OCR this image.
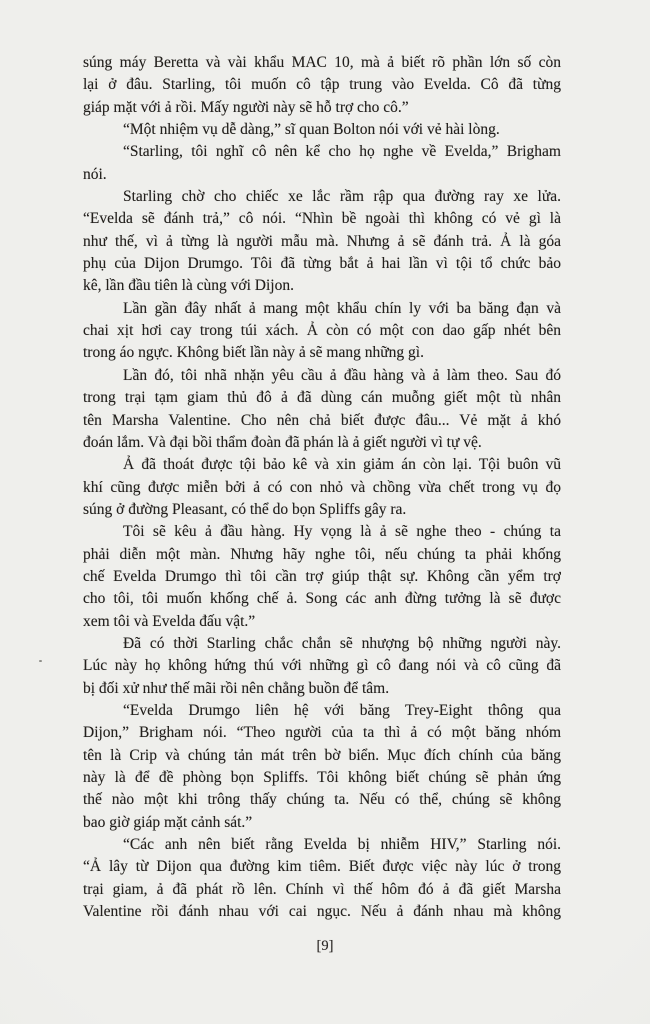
súng máy Beretta và vài khẩu MAC 10, mà ả biết rõ phần lớn số còn
lại ở đâu. Starling, tôi muốn cô tập trung vào Evelda. Cô đã từng
giáp mặt với ả rồi. Mấy người này sẽ hỗ trợ cho cô.”
“Một nhiệm vụ dễ dàng,” sĩ quan Bolton nói với vẻ hài lòng.
“Starling, tôi nghĩ cô nên kể cho họ nghe về Evelda,” Brigham
nói.
Starling chờ cho chiếc xe lắc rầm rập qua đường ray xe lửa.
“Evelda sẽ đánh trả,” cô nói. “Nhìn bề ngoài thì không có vẻ gì là
như thế, vì ả từng là người mẫu mà. Nhưng ả sẽ đánh trả. Ả là góa
phụ của Dijon Drumgo. Tôi đã từng bắt ả hai lần vì tội tổ chức bảo
kê, lần đầu tiên là cùng với Dijon.
Lần gần đây nhất ả mang một khẩu chín ly với ba băng đạn và
chai xịt hơi cay trong túi xách. Ả còn có một con dao gấp nhét bên
trong áo ngực. Không biết lần này ả sẽ mang những gì.
Lần đó, tôi nhã nhặn yêu cầu ả đầu hàng và ả làm theo. Sau đó
trong trại tạm giam thủ đô ả đã dùng cán muỗng giết một tù nhân
tên Marsha Valentine. Cho nên chả biết được đâu... Vẻ mặt ả khó
đoán lắm. Và đại bồi thẩm đoàn đã phán là ả giết người vì tự vệ.
Ả đã thoát được tội bảo kê và xin giảm án còn lại. Tội buôn vũ
khí cũng được miễn bởi ả có con nhỏ và chồng vừa chết trong vụ đọ
súng ở đường Pleasant, có thể do bọn Spliffs gây ra.
Tôi sẽ kêu ả đầu hàng. Hy vọng là ả sẽ nghe theo - chúng ta
phải diễn một màn. Nhưng hãy nghe tôi, nếu chúng ta phải khống
chế Evelda Drumgo thì tôi cần trợ giúp thật sự. Không cần yểm trợ
cho tôi, tôi muốn khống chế ả. Song các anh đừng tưởng là sẽ được
xem tôi và Evelda đấu vật.”
Đã có thời Starling chắc chắn sẽ nhượng bộ những người này.
Lúc này họ không hứng thú với những gì cô đang nói và cô cũng đã
bị đối xử như thế mãi rồi nên chẳng buồn để tâm.
“Evelda Drumgo liên hệ với băng Trey-Eight thông qua
Dijon,” Brigham nói. “Theo người của ta thì ả có một băng nhóm
tên là Crip và chúng tản mát trên bờ biển. Mục đích chính của băng
này là để đề phòng bọn Spliffs. Tôi không biết chúng sẽ phản ứng
thế nào một khi trông thấy chúng ta. Nếu có thể, chúng sẽ không
bao giờ giáp mặt cảnh sát.”
“Các anh nên biết rằng Evelda bị nhiễm HIV,” Starling nói.
“Ả lây từ Dijon qua đường kim tiêm. Biết được việc này lúc ở trong
trại giam, ả đã phát rồ lên. Chính vì thế hôm đó ả đã giết Marsha
Valentine rồi đánh nhau với cai ngục. Nếu ả đánh nhau mà không
[9]
